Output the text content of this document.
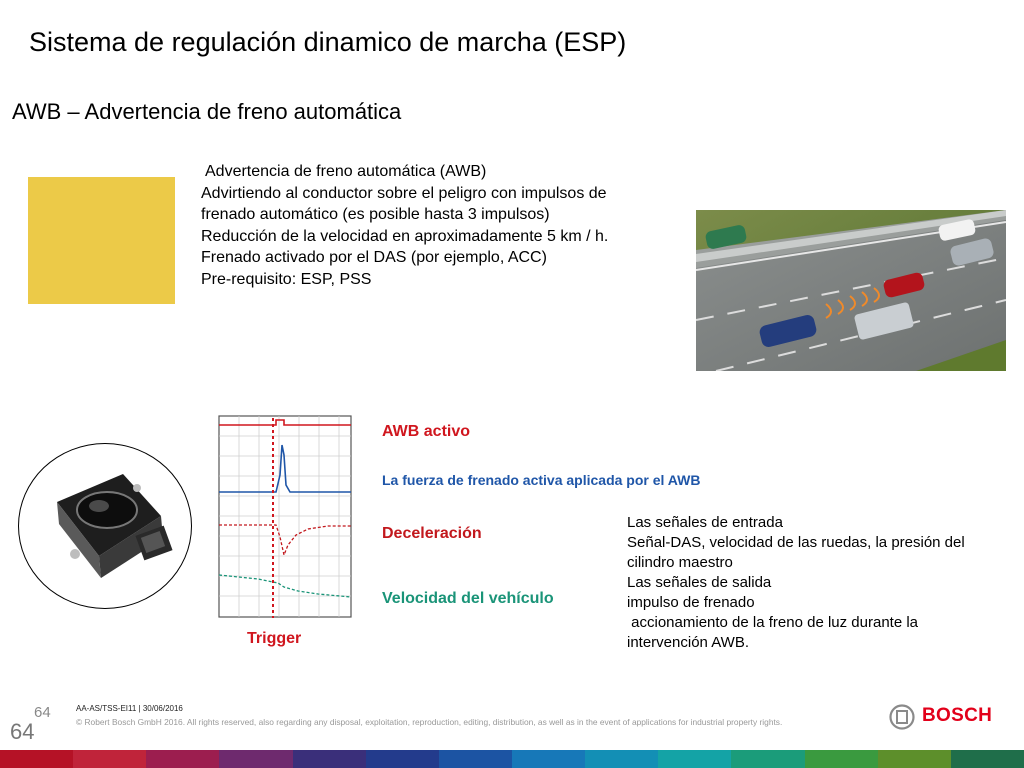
Sistema de regulación dinamico de marcha (ESP)
AWB – Advertencia de freno automática
Advertencia de freno automática (AWB)
Advirtiendo al conductor sobre el peligro con impulsos de
frenado automático (es posible hasta 3 impulsos)
Reducción de la velocidad en aproximadamente 5 km / h.
Frenado activado por el DAS (por ejemplo, ACC)
Pre-requisito: ESP, PSS
AWB activo
La fuerza de frenado activa aplicada por el AWB
Deceleración
Velocidad del vehículo
Trigger
Las señales de entrada
Señal-DAS, velocidad de las ruedas, la presión del
cilindro maestro
Las señales de salida
impulso de frenado
accionamiento de la freno de luz durante la
intervención AWB.
64
64
AA-AS/TSS-EI11 | 30/06/2016
© Robert Bosch GmbH 2016. All rights reserved, also regarding any disposal, exploitation, reproduction, editing, distribution, as well as in the event of applications for industrial property rights.	BOSCH
